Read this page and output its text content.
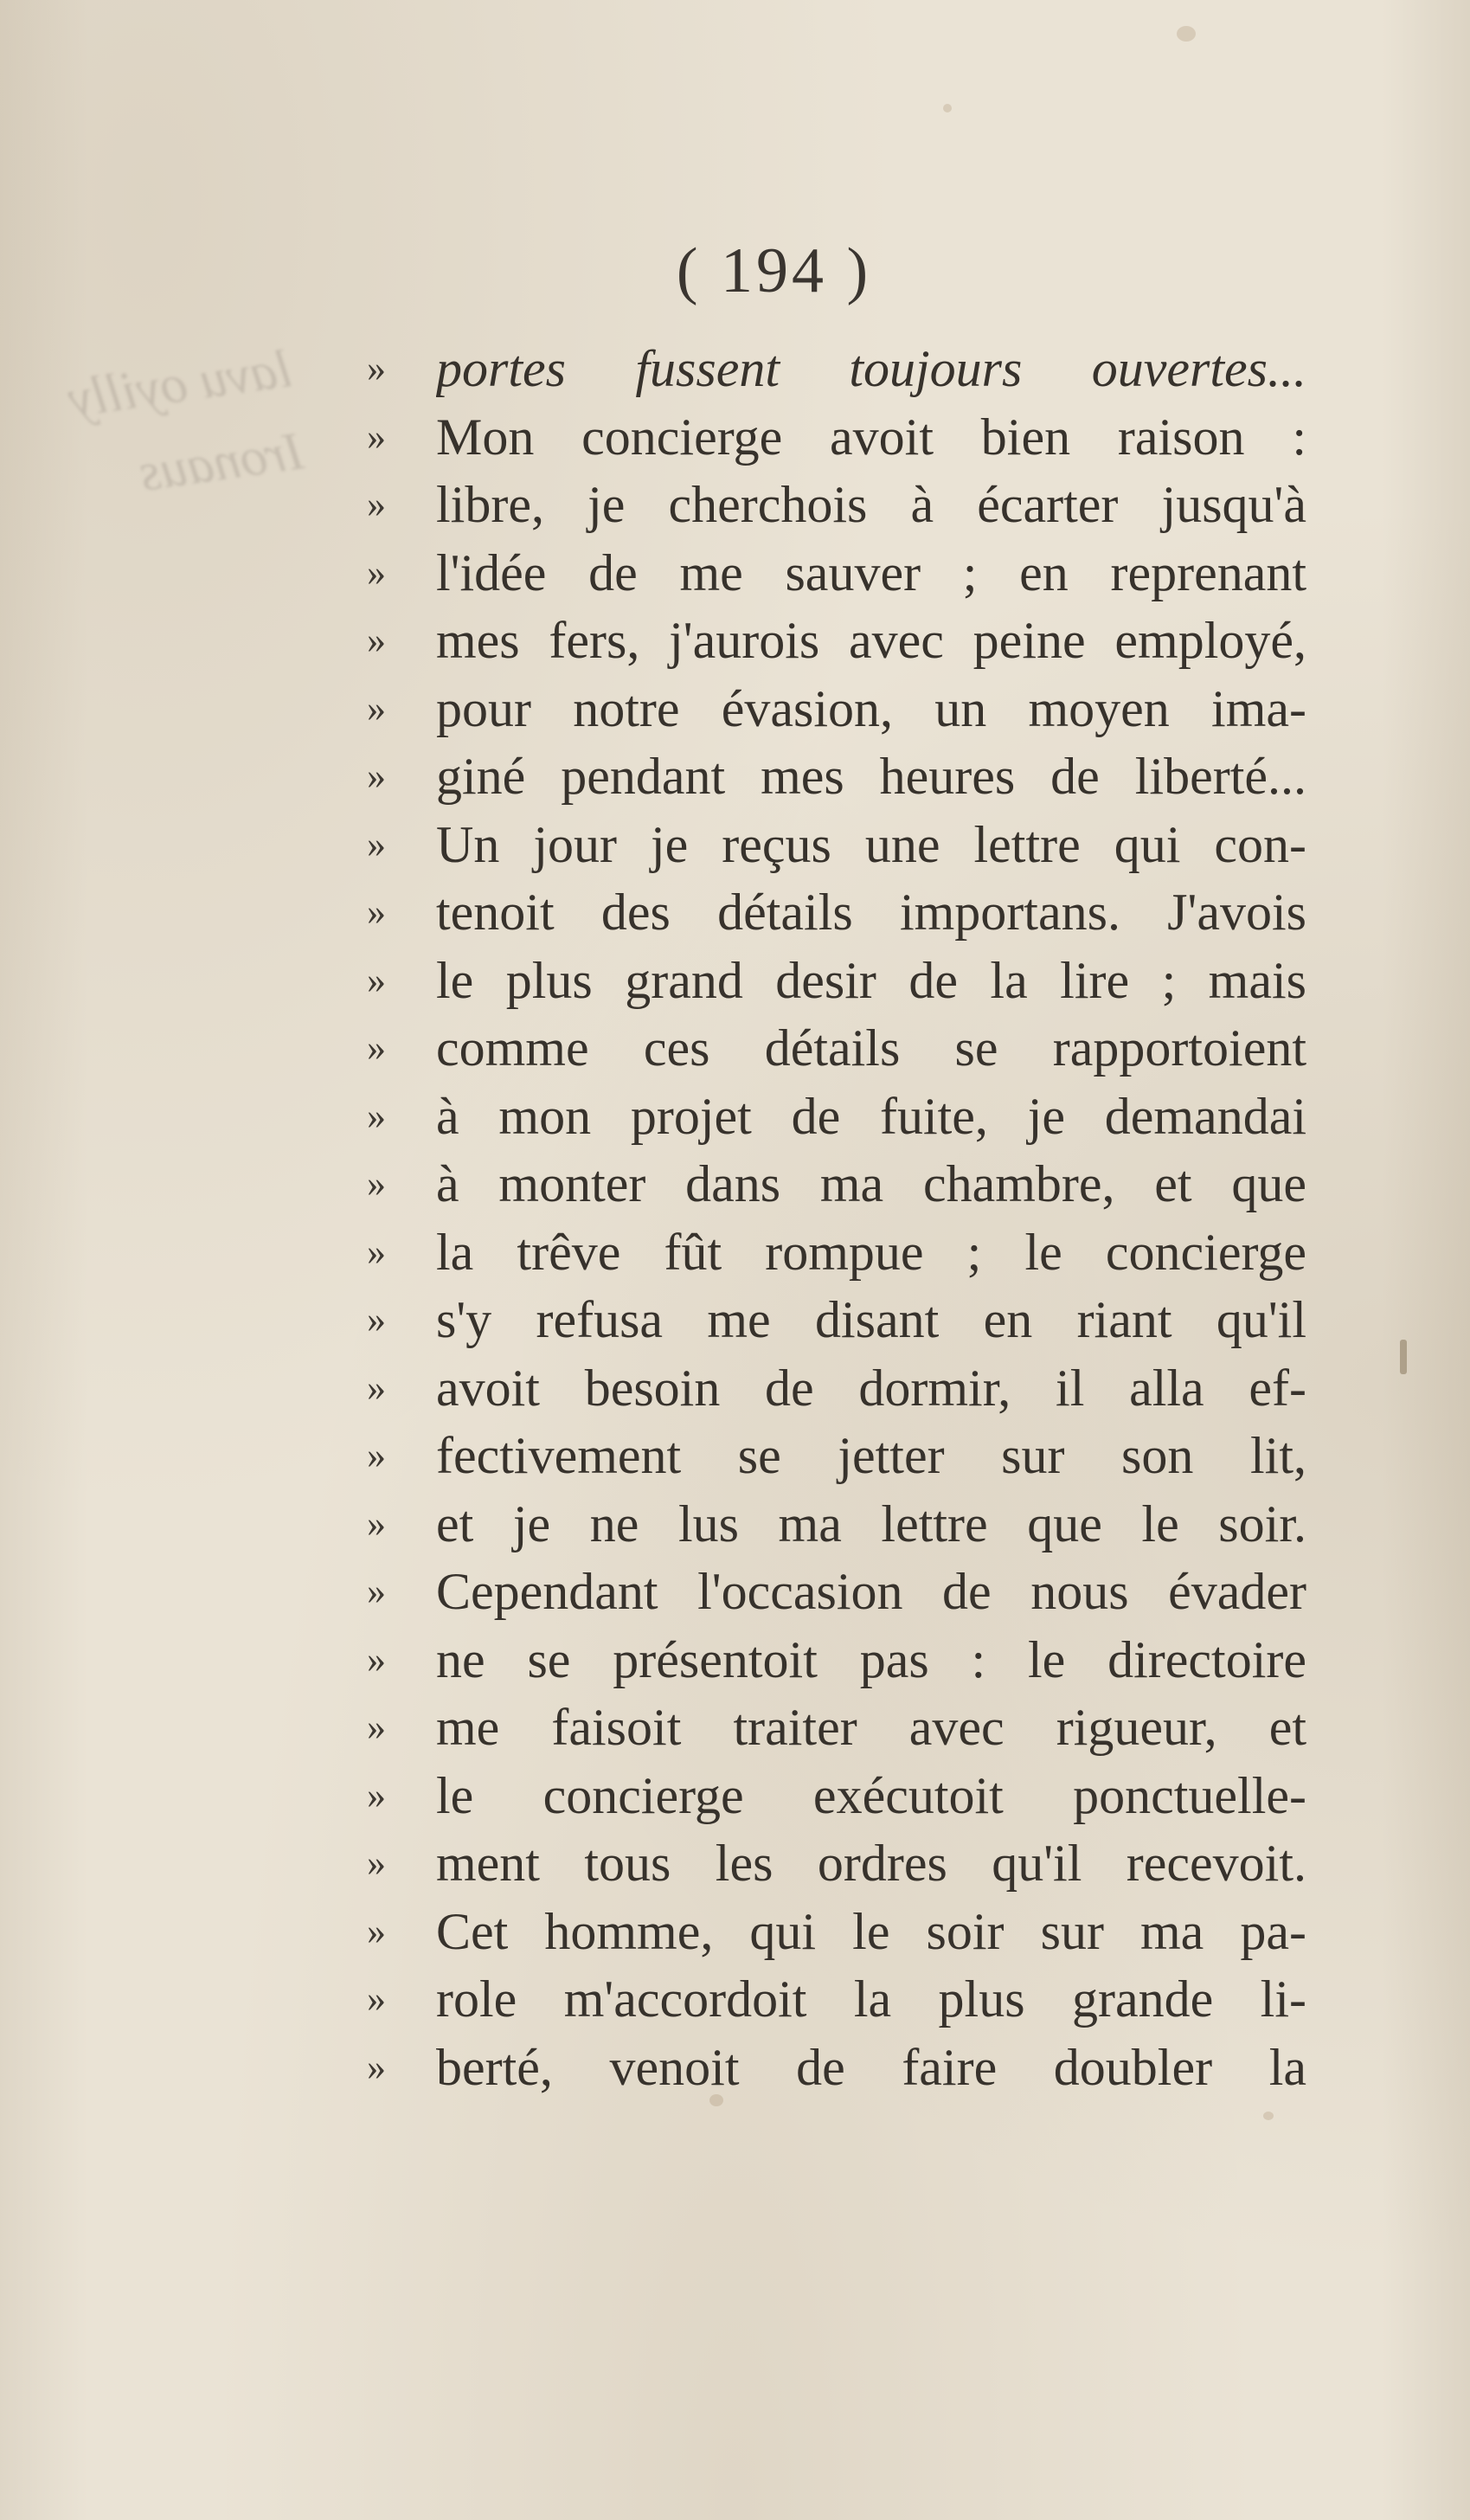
lavu oyilly
Ironaus
( 194 )
» portes fussent toujours ouvertes...
» Mon concierge avoit bien raison :
» libre, je cherchois à écarter jusqu'à
» l'idée de me sauver ; en reprenant
» mes fers, j'aurois avec peine employé,
» pour notre évasion, un moyen ima-
» giné pendant mes heures de liberté...
» Un jour je reçus une lettre qui con-
» tenoit des détails importans. J'avois
» le plus grand desir de la lire ; mais
» comme ces détails se rapportoient
» à mon projet de fuite, je demandai
» à monter dans ma chambre, et que
» la trêve fût rompue ; le concierge
» s'y refusa me disant en riant qu'il
» avoit besoin de dormir, il alla ef-
» fectivement se jetter sur son lit,
» et je ne lus ma lettre que le soir.
» Cependant l'occasion de nous évader
» ne se présentoit pas : le directoire
» me faisoit traiter avec rigueur, et
» le concierge exécutoit ponctuelle-
» ment tous les ordres qu'il recevoit.
» Cet homme, qui le soir sur ma pa-
» role m'accordoit la plus grande li-
» berté, venoit de faire doubler la
